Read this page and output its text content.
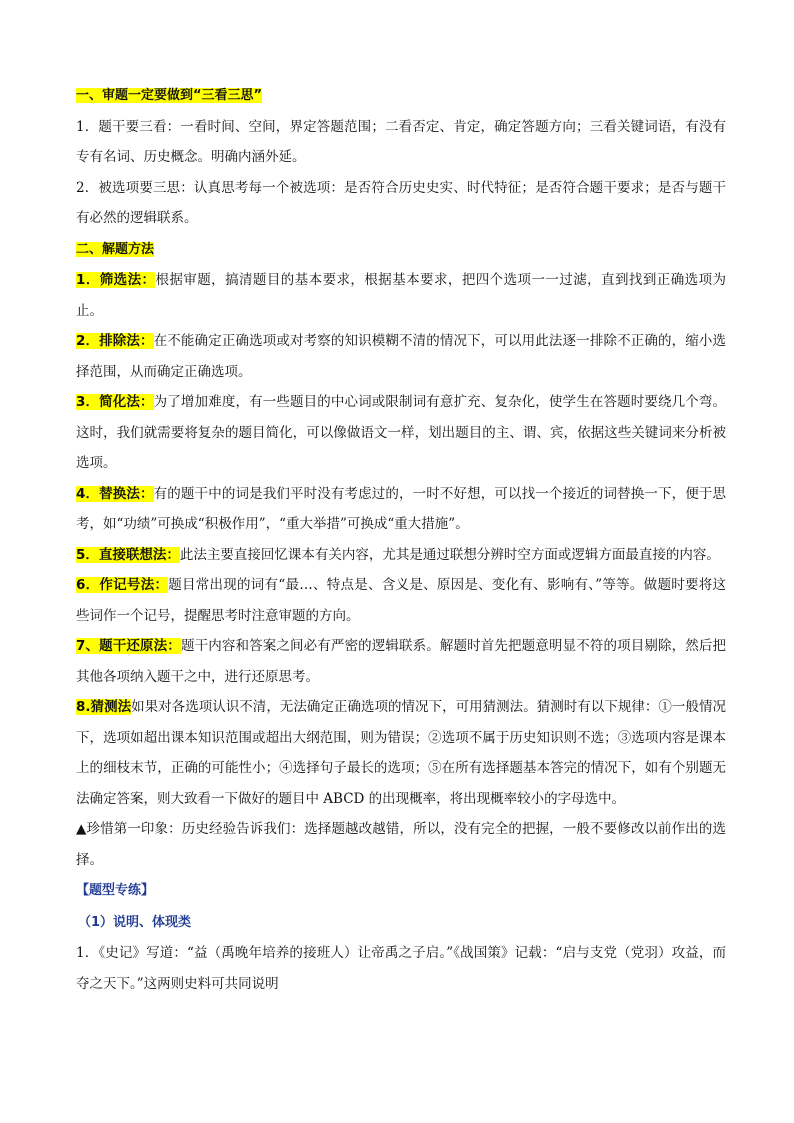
一、审题一定要做到“三看三思”

1．题干要三看：一看时间、空间，界定答题范围；二看否定、肯定，确定答题方向；三看关键词语，有没有专有名词、历史概念。明确内涵外延。

2．被选项要三思：认真思考每一个被选项：是否符合历史史实、时代特征；是否符合题干要求；是否与题干有必然的逻辑联系。

二、解题方法

1．筛选法：根据审题，搞清题目的基本要求，根据基本要求，把四个选项一一过滤，直到找到正确选项为止。

2．排除法：在不能确定正确选项或对考察的知识模糊不清的情况下，可以用此法逐一排除不正确的，缩小选择范围，从而确定正确选项。

3．简化法：为了增加难度，有一些题目的中心词或限制词有意扩充、复杂化，使学生在答题时要绕几个弯。这时，我们就需要将复杂的题目简化，可以像做语文一样，划出题目的主、谓、宾，依据这些关键词来分析被选项。

4．替换法：有的题干中的词是我们平时没有考虑过的，一时不好想，可以找一个接近的词替换一下，便于思考，如“功绩”可换成“积极作用”，“重大举措”可换成“重大措施”。

5．直接联想法：此法主要直接回忆课本有关内容，尤其是通过联想分辨时空方面或逻辑方面最直接的内容。

6．作记号法：题目常出现的词有“最…、特点是、含义是、原因是、变化有、影响有、”等等。做题时要将这些词作一个记号，提醒思考时注意审题的方向。

7、题干还原法：题干内容和答案之间必有严密的逻辑联系。解题时首先把题意明显不符的项目剔除，然后把其他各项纳入题干之中，进行还原思考。

8.猜测法如果对各选项认识不清，无法确定正确选项的情况下，可用猜测法。猜测时有以下规律：①一般情况下，选项如超出课本知识范围或超出大纲范围，则为错误；②选项不属于历史知识则不选；③选项内容是课本上的细枝末节，正确的可能性小；④选择句子最长的选项；⑤在所有选择题基本答完的情况下，如有个别题无法确定答案，则大致看一下做好的题目中 ABCD 的出现概率，将出现概率较小的字母选中。

▲珍惜第一印象：历史经验告诉我们：选择题越改越错，所以，没有完全的把握，一般不要修改以前作出的选择。

【题型专练】

（1）说明、体现类

1．《史记》写道：“益（禹晚年培养的接班人）让帝禹之子启。”《战国策》记载：“启与支党（党羽）攻益，而夺之天下。”这两则史料可共同说明
